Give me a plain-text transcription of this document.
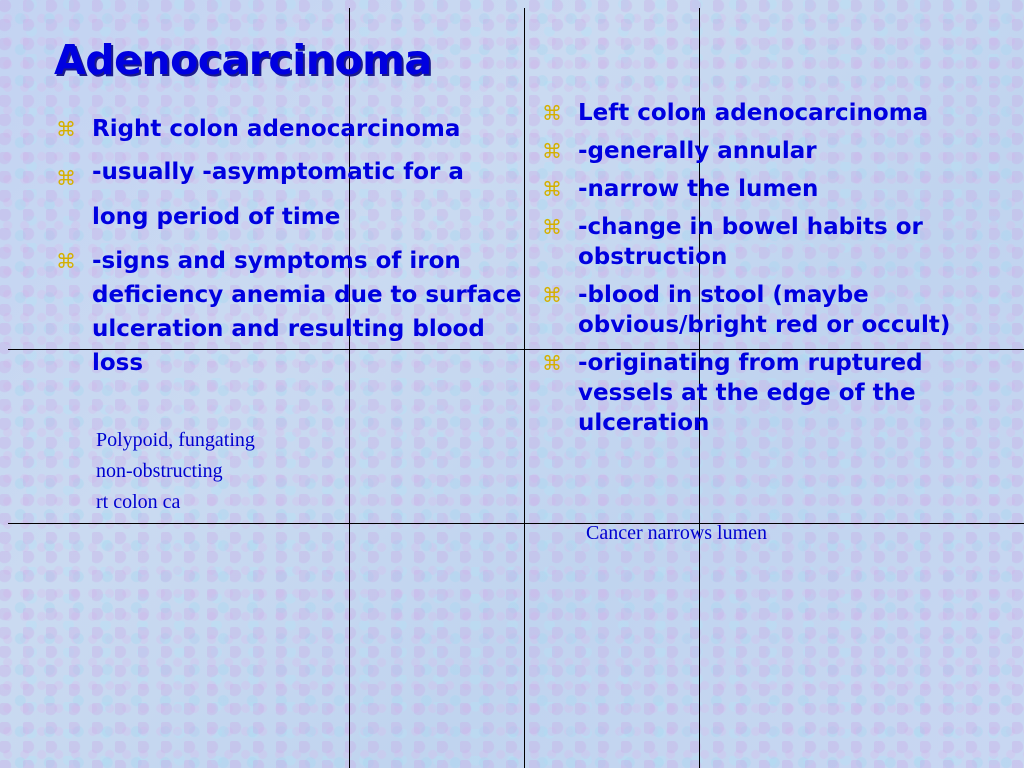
Adenocarcinoma
⌘ Right colon adenocarcinoma
⌘ -usually -asymptomatic for a long period of time
⌘ -signs and symptoms of iron deficiency anemia due to surface ulceration and resulting blood loss
Polypoid, fungating
non-obstructing
rt colon ca
⌘ Left colon adenocarcinoma
⌘ -generally annular
⌘ -narrow the lumen
⌘ -change in bowel habits or obstruction
⌘ -blood in stool (maybe obvious/bright red or occult)
⌘ -originating from ruptured vessels at the edge of the ulceration
Cancer narrows lumen
